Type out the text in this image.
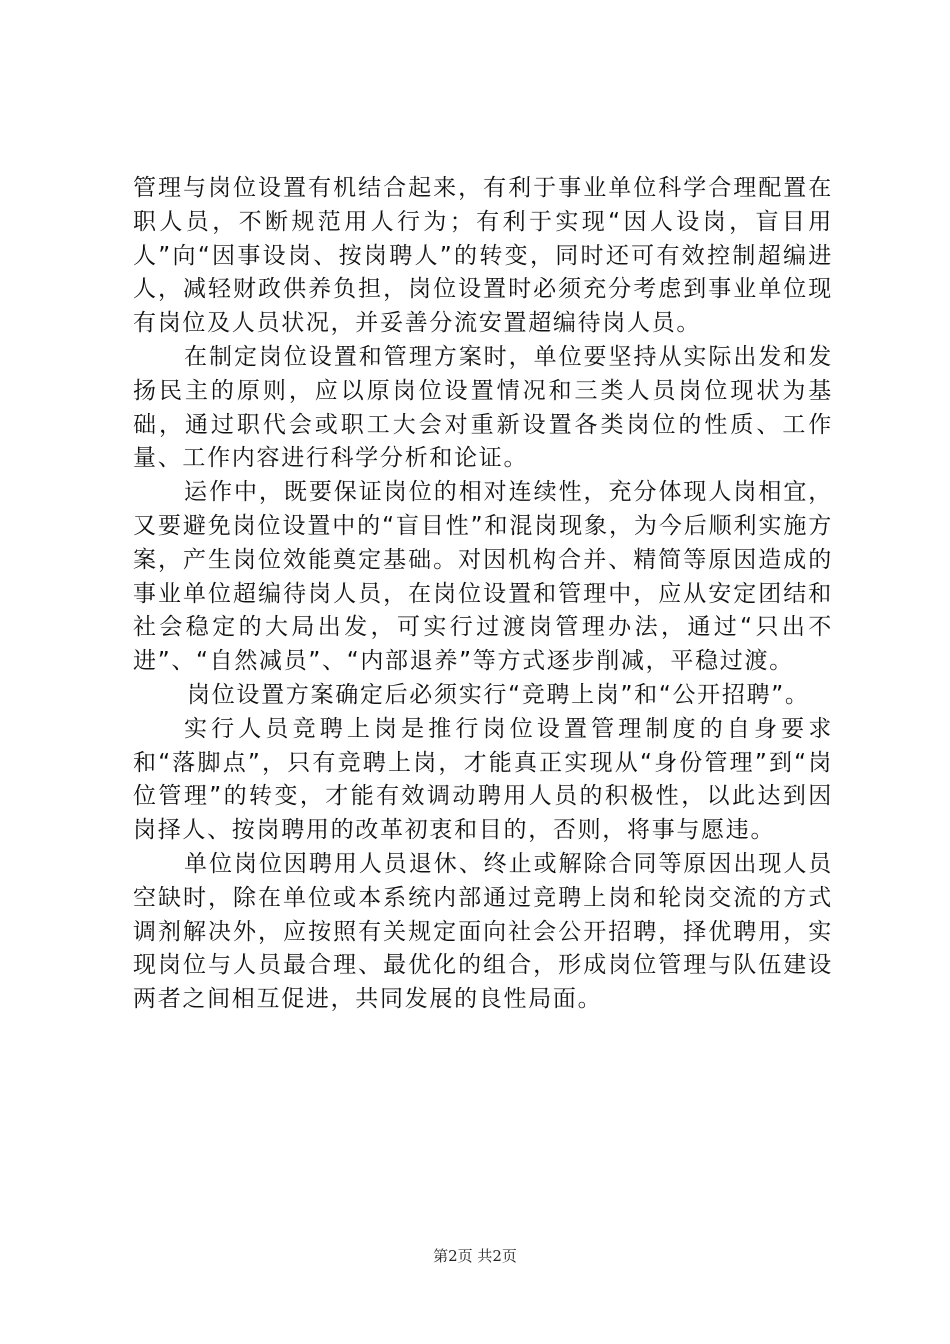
管理与岗位设置有机结合起来，有利于事业单位科学合理配置在职人员，不断规范用人行为；有利于实现“因人设岗，盲目用人”向“因事设岗、按岗聘人”的转变，同时还可有效控制超编进人，减轻财政供养负担，岗位设置时必须充分考虑到事业单位现有岗位及人员状况，并妥善分流安置超编待岗人员。

在制定岗位设置和管理方案时，单位要坚持从实际出发和发扬民主的原则，应以原岗位设置情况和三类人员岗位现状为基础，通过职代会或职工大会对重新设置各类岗位的性质、工作量、工作内容进行科学分析和论证。

运作中，既要保证岗位的相对连续性，充分体现人岗相宜，又要避免岗位设置中的“盲目性”和混岗现象，为今后顺利实施方案，产生岗位效能奠定基础。对因机构合并、精简等原因造成的事业单位超编待岗人员，在岗位设置和管理中，应从安定团结和社会稳定的大局出发，可实行过渡岗管理办法，通过“只出不进”、“自然减员”、“内部退养”等方式逐步削减，平稳过渡。

岗位设置方案确定后必须实行“竞聘上岗”和“公开招聘”。

实行人员竞聘上岗是推行岗位设置管理制度的自身要求和“落脚点”，只有竞聘上岗，才能真正实现从“身份管理”到“岗位管理”的转变，才能有效调动聘用人员的积极性，以此达到因岗择人、按岗聘用的改革初衷和目的，否则，将事与愿违。

单位岗位因聘用人员退休、终止或解除合同等原因出现人员空缺时，除在单位或本系统内部通过竞聘上岗和轮岗交流的方式调剂解决外，应按照有关规定面向社会公开招聘，择优聘用，实现岗位与人员最合理、最优化的组合，形成岗位管理与队伍建设两者之间相互促进，共同发展的良性局面。

第2页 共2页
